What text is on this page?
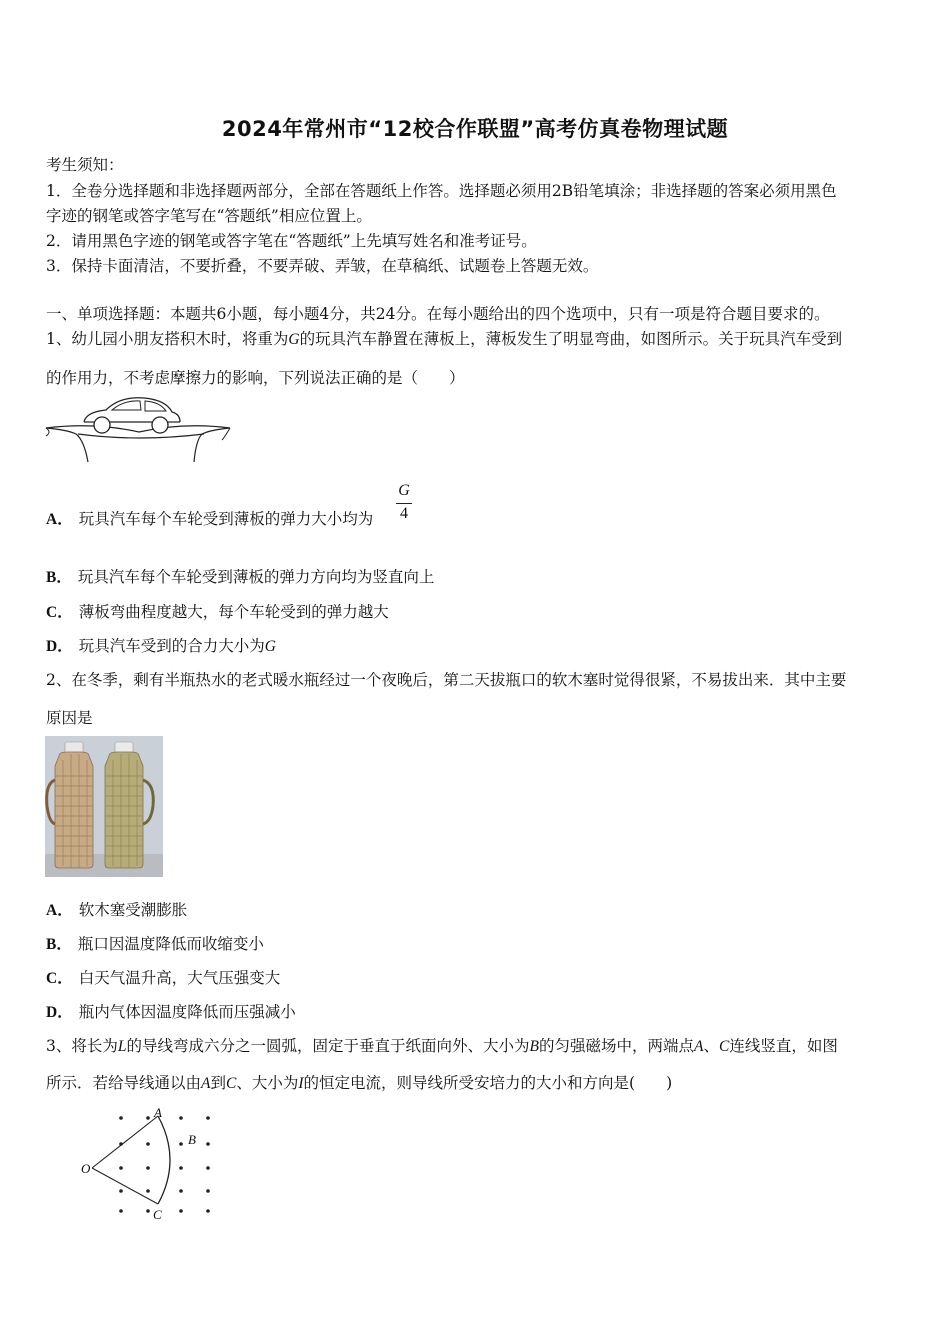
2024年常州市“12校合作联盟”高考仿真卷物理试题
考生须知：
1．全卷分选择题和非选择题两部分，全部在答题纸上作答。选择题必须用2B铅笔填涂；非选择题的答案必须用黑色
字迹的钢笔或答字笔写在“答题纸”相应位置上。
2．请用黑色字迹的钢笔或答字笔在“答题纸”上先填写姓名和准考证号。
3．保持卡面清洁，不要折叠，不要弄破、弄皱，在草稿纸、试题卷上答题无效。
一、单项选择题：本题共6小题，每小题4分，共24分。在每小题给出的四个选项中，只有一项是符合题目要求的。
1、幼儿园小朋友搭积木时，将重为G的玩具汽车静置在薄板上，薄板发生了明显弯曲，如图所示。关于玩具汽车受到
的作用力，不考虑摩擦力的影响，下列说法正确的是（　　）
A． 玩具汽车每个车轮受到薄板的弹力大小均为
G
4
B． 玩具汽车每个车轮受到薄板的弹力方向均为竖直向上
C． 薄板弯曲程度越大，每个车轮受到的弹力越大
D． 玩具汽车受到的合力大小为G
2、在冬季，剩有半瓶热水的老式暖水瓶经过一个夜晚后，第二天拔瓶口的软木塞时觉得很紧，不易拔出来．其中主要
原因是
A． 软木塞受潮膨胀
B． 瓶口因温度降低而收缩变小
C． 白天气温升高，大气压强变大
D． 瓶内气体因温度降低而压强减小
3、将长为L的导线弯成六分之一圆弧，固定于垂直于纸面向外、大小为B的匀强磁场中，两端点A、C连线竖直，如图
所示．若给导线通以由A到C、大小为I的恒定电流，则导线所受安培力的大小和方向是(　　)
A
B
C
O
